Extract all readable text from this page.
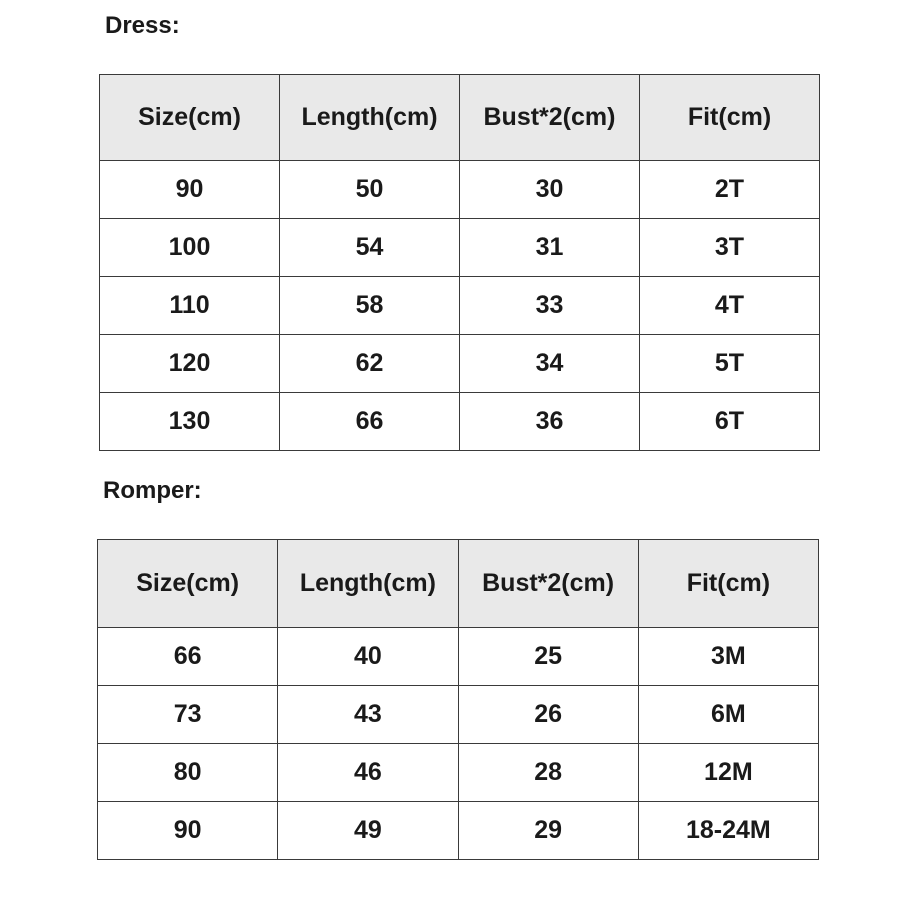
Dress:
Size(cm)	Length(cm)	Bust*2(cm)	Fit(cm)
90	50	30	2T
100	54	31	3T
110	58	33	4T
120	62	34	5T
130	66	36	6T
Romper:
Size(cm)	Length(cm)	Bust*2(cm)	Fit(cm)
66	40	25	3M
73	43	26	6M
80	46	28	12M
90	49	29	18-24M
